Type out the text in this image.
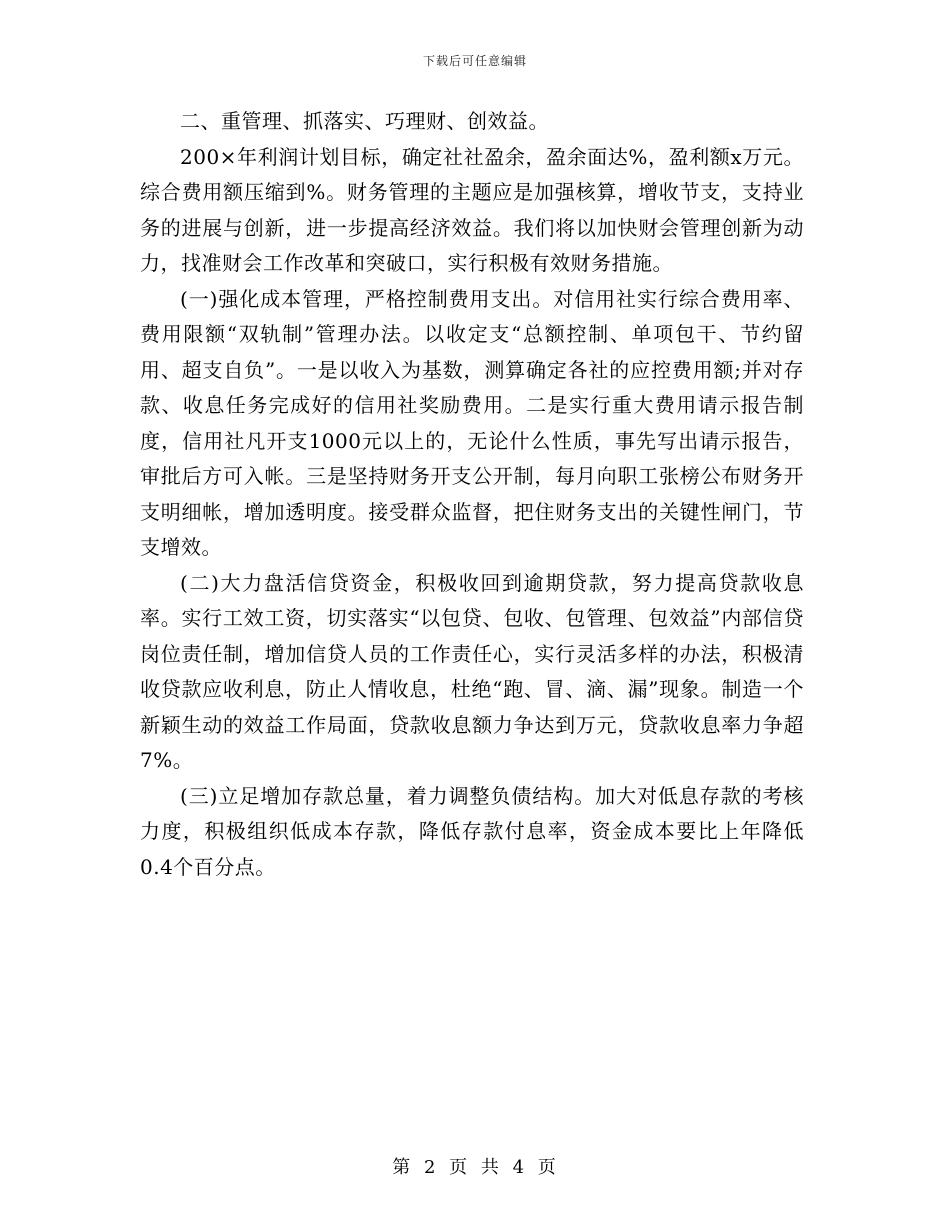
下载后可任意编辑

二、重管理、抓落实、巧理财、创效益。

200×年利润计划目标，确定社社盈余，盈余面达%，盈利额x万元。综合费用额压缩到%。财务管理的主题应是加强核算，增收节支，支持业务的进展与创新，进一步提高经济效益。我们将以加快财会管理创新为动力，找准财会工作改革和突破口，实行积极有效财务措施。

(一)强化成本管理，严格控制费用支出。对信用社实行综合费用率、费用限额“双轨制”管理办法。以收定支“总额控制、单项包干、节约留用、超支自负”。一是以收入为基数，测算确定各社的应控费用额;并对存款、收息任务完成好的信用社奖励费用。二是实行重大费用请示报告制度，信用社凡开支1000元以上的，无论什么性质，事先写出请示报告，审批后方可入帐。三是坚持财务开支公开制，每月向职工张榜公布财务开支明细帐，增加透明度。接受群众监督，把住财务支出的关键性闸门，节支增效。

(二)大力盘活信贷资金，积极收回到逾期贷款，努力提高贷款收息率。实行工效工资，切实落实“以包贷、包收、包管理、包效益”内部信贷岗位责任制，增加信贷人员的工作责任心，实行灵活多样的办法，积极清收贷款应收利息，防止人情收息，杜绝“跑、冒、滴、漏”现象。制造一个新颖生动的效益工作局面，贷款收息额力争达到万元，贷款收息率力争超7%。

(三)立足增加存款总量，着力调整负债结构。加大对低息存款的考核力度，积极组织低成本存款，降低存款付息率，资金成本要比上年降低0.4个百分点。

第 2 页 共 4 页
